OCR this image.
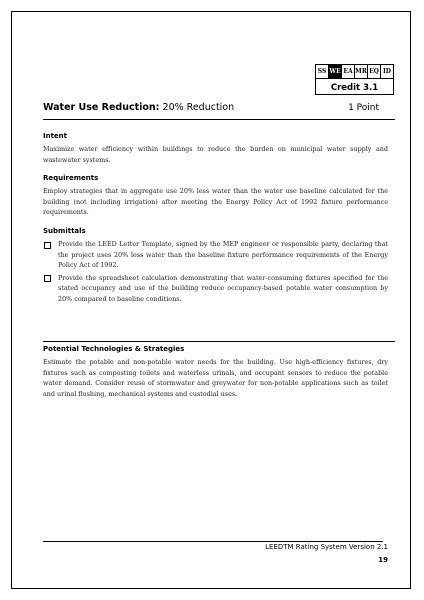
SS WE EA MR EQ ID
Credit 3.1
Water Use Reduction: 20% Reduction	1 Point
Intent

Maximize water efficiency within buildings to reduce the burden on municipal water supply and wastewater systems.

Requirements

Employ strategies that in aggregate use 20% less water than the water use baseline calculated for the building (not including irrigation) after meeting the Energy Policy Act of 1992 fixture performance requirements.

Submittals

Provide the LEED Letter Template, signed by the MEP engineer or responsible party, declaring that the project uses 20% less water than the baseline fixture performance requirements of the Energy Policy Act of 1992.

Provide the spreadsheet calculation demonstrating that water-consuming fixtures specified for the stated occupancy and use of the building reduce occupancy-based potable water consumption by 20% compared to baseline conditions.

Potential Technologies & Strategies

Estimate the potable and non-potable water needs for the building. Use high-efficiency fixtures, dry fixtures such as composting toilets and waterless urinals, and occupant sensors to reduce the potable water demand. Consider reuse of stormwater and greywater for non-potable applications such as toilet and urinal flushing, mechanical systems and custodial uses.

LEEDTM Rating System Version 2.1
19
